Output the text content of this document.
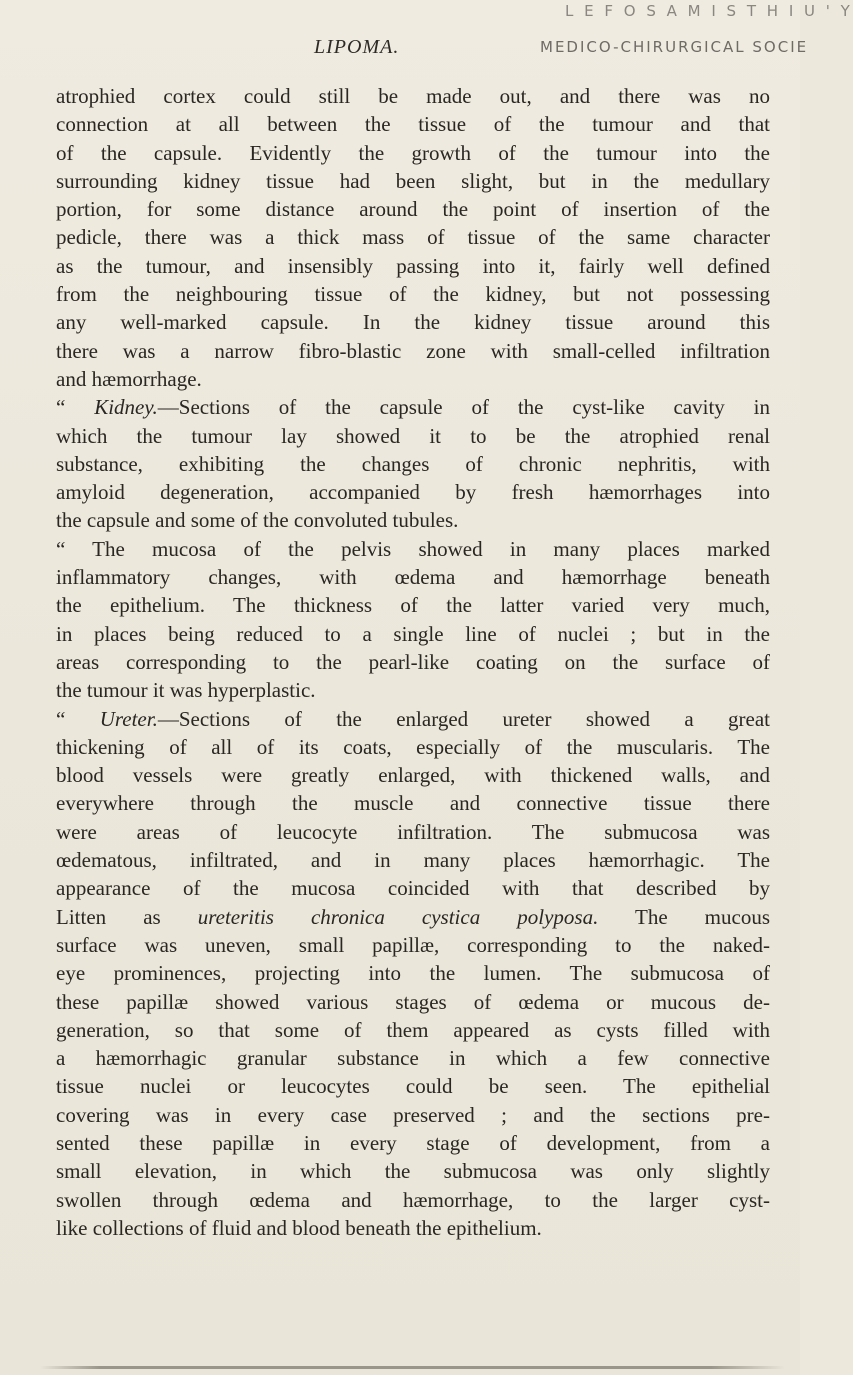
L E F O S A M I S T H I U ' Y
LIPOMA.	MEDICO-CHIRURGICAL SOCIE
atrophied cortex could still be made out, and there was no
connection at all between the tissue of the tumour and that
of the capsule. Evidently the growth of the tumour into the
surrounding kidney tissue had been slight, but in the medullary
portion, for some distance around the point of insertion of the
pedicle, there was a thick mass of tissue of the same character
as the tumour, and insensibly passing into it, fairly well defined
from the neighbouring tissue of the kidney, but not possessing
any well-marked capsule. In the kidney tissue around this
there was a narrow fibro-blastic zone with small-celled infiltration
and hæmorrhage.
“ Kidney.—Sections of the capsule of the cyst-like cavity in
which the tumour lay showed it to be the atrophied renal
substance, exhibiting the changes of chronic nephritis, with
amyloid degeneration, accompanied by fresh hæmorrhages into
the capsule and some of the convoluted tubules.
“ The mucosa of the pelvis showed in many places marked
inflammatory changes, with œdema and hæmorrhage beneath
the epithelium. The thickness of the latter varied very much,
in places being reduced to a single line of nuclei ; but in the
areas corresponding to the pearl-like coating on the surface of
the tumour it was hyperplastic.
“ Ureter.—Sections of the enlarged ureter showed a great
thickening of all of its coats, especially of the muscularis. The
blood vessels were greatly enlarged, with thickened walls, and
everywhere through the muscle and connective tissue there
were areas of leucocyte infiltration. The submucosa was
œdematous, infiltrated, and in many places hæmorrhagic. The
appearance of the mucosa coincided with that described by
Litten as ureteritis chronica cystica polyposa. The mucous
surface was uneven, small papillæ, corresponding to the naked-
eye prominences, projecting into the lumen. The submucosa of
these papillæ showed various stages of œdema or mucous de-
generation, so that some of them appeared as cysts filled with
a hæmorrhagic granular substance in which a few connective
tissue nuclei or leucocytes could be seen. The epithelial
covering was in every case preserved ; and the sections pre-
sented these papillæ in every stage of development, from a
small elevation, in which the submucosa was only slightly
swollen through œdema and hæmorrhage, to the larger cyst-
like collections of fluid and blood beneath the epithelium.
